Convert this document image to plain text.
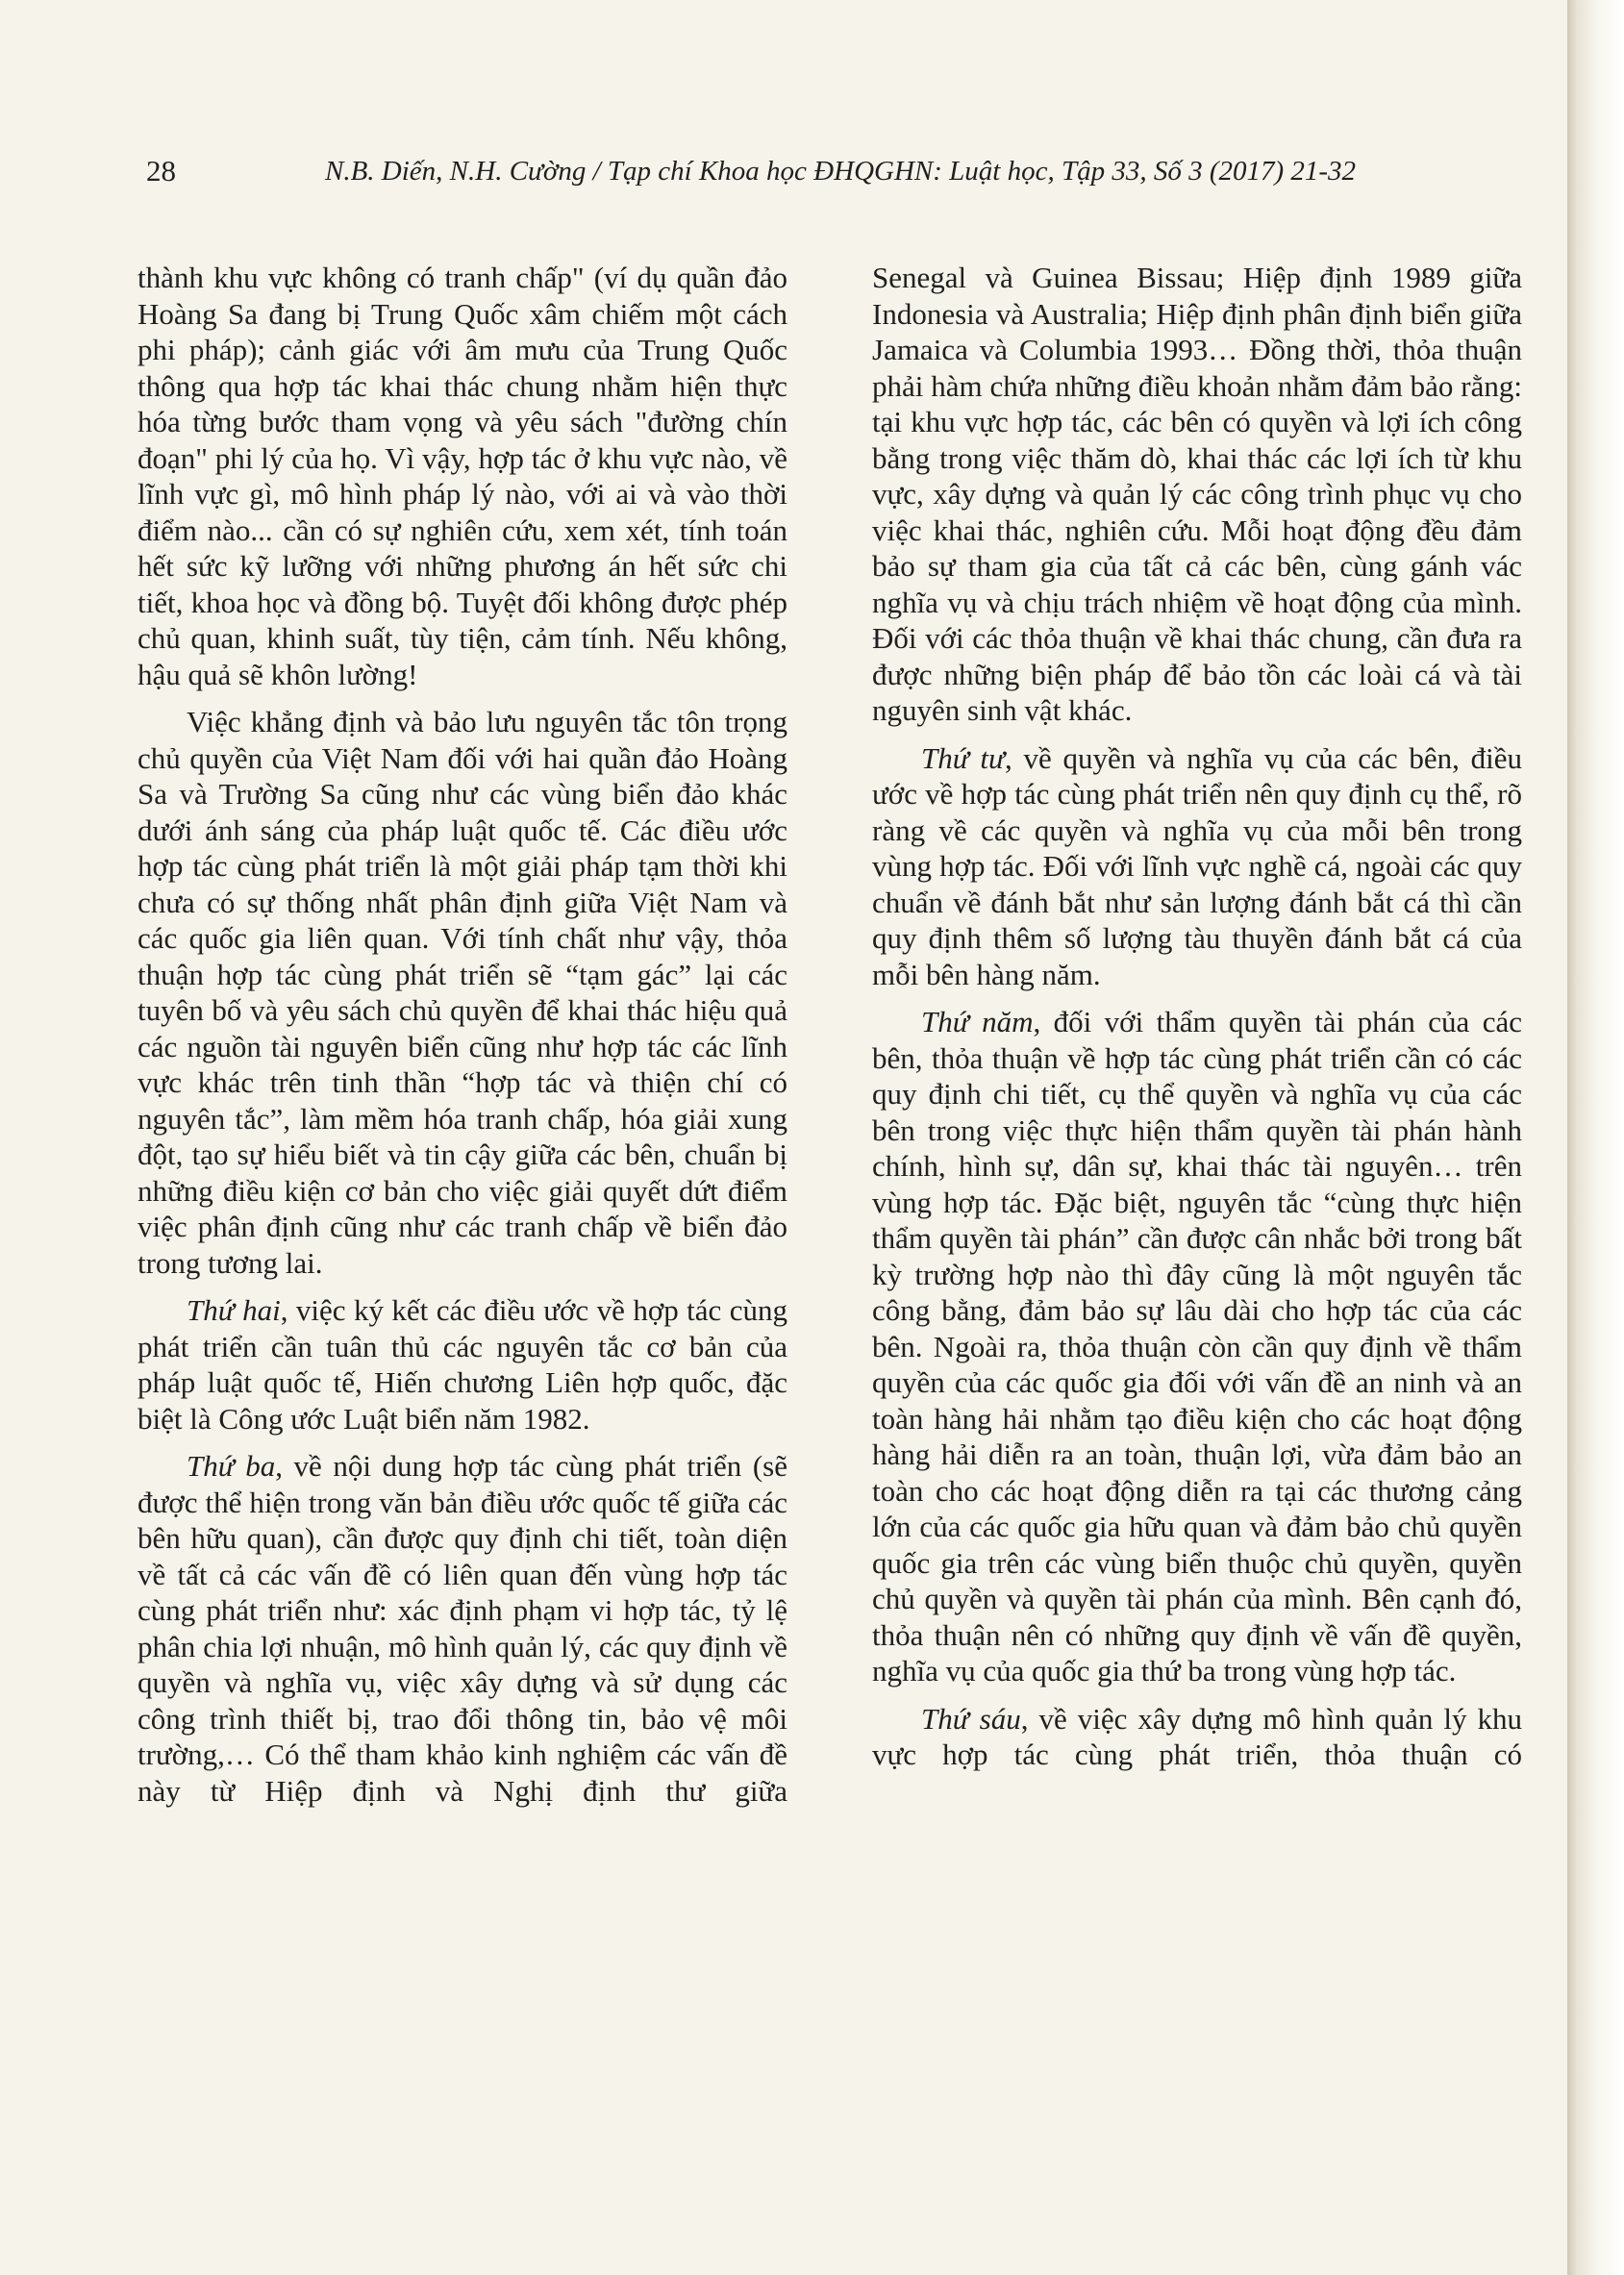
28	N.B. Diến, N.H. Cường / Tạp chí Khoa học ĐHQGHN: Luật học, Tập 33, Số 3 (2017) 21-32

thành khu vực không có tranh chấp" (ví dụ quần đảo Hoàng Sa đang bị Trung Quốc xâm chiếm một cách phi pháp); cảnh giác với âm mưu của Trung Quốc thông qua hợp tác khai thác chung nhằm hiện thực hóa từng bước tham vọng và yêu sách "đường chín đoạn" phi lý của họ. Vì vậy, hợp tác ở khu vực nào, về lĩnh vực gì, mô hình pháp lý nào, với ai và vào thời điểm nào... cần có sự nghiên cứu, xem xét, tính toán hết sức kỹ lưỡng với những phương án hết sức chi tiết, khoa học và đồng bộ. Tuyệt đối không được phép chủ quan, khinh suất, tùy tiện, cảm tính. Nếu không, hậu quả sẽ khôn lường!

Việc khẳng định và bảo lưu nguyên tắc tôn trọng chủ quyền của Việt Nam đối với hai quần đảo Hoàng Sa và Trường Sa cũng như các vùng biển đảo khác dưới ánh sáng của pháp luật quốc tế. Các điều ước hợp tác cùng phát triển là một giải pháp tạm thời khi chưa có sự thống nhất phân định giữa Việt Nam và các quốc gia liên quan. Với tính chất như vậy, thỏa thuận hợp tác cùng phát triển sẽ “tạm gác” lại các tuyên bố và yêu sách chủ quyền để khai thác hiệu quả các nguồn tài nguyên biển cũng như hợp tác các lĩnh vực khác trên tinh thần “hợp tác và thiện chí có nguyên tắc”, làm mềm hóa tranh chấp, hóa giải xung đột, tạo sự hiểu biết và tin cậy giữa các bên, chuẩn bị những điều kiện cơ bản cho việc giải quyết dứt điểm việc phân định cũng như các tranh chấp về biển đảo trong tương lai.

Thứ hai, việc ký kết các điều ước về hợp tác cùng phát triển cần tuân thủ các nguyên tắc cơ bản của pháp luật quốc tế, Hiến chương Liên hợp quốc, đặc biệt là Công ước Luật biển năm 1982.

Thứ ba, về nội dung hợp tác cùng phát triển (sẽ được thể hiện trong văn bản điều ước quốc tế giữa các bên hữu quan), cần được quy định chi tiết, toàn diện về tất cả các vấn đề có liên quan đến vùng hợp tác cùng phát triển như: xác định phạm vi hợp tác, tỷ lệ phân chia lợi nhuận, mô hình quản lý, các quy định về quyền và nghĩa vụ, việc xây dựng và sử dụng các công trình thiết bị, trao đổi thông tin, bảo vệ môi trường,… Có thể tham khảo kinh nghiệm các vấn đề này từ Hiệp định và Nghị định thư giữa

Senegal và Guinea Bissau; Hiệp định 1989 giữa Indonesia và Australia; Hiệp định phân định biển giữa Jamaica và Columbia 1993… Đồng thời, thỏa thuận phải hàm chứa những điều khoản nhằm đảm bảo rằng: tại khu vực hợp tác, các bên có quyền và lợi ích công bằng trong việc thăm dò, khai thác các lợi ích từ khu vực, xây dựng và quản lý các công trình phục vụ cho việc khai thác, nghiên cứu. Mỗi hoạt động đều đảm bảo sự tham gia của tất cả các bên, cùng gánh vác nghĩa vụ và chịu trách nhiệm về hoạt động của mình. Đối với các thỏa thuận về khai thác chung, cần đưa ra được những biện pháp để bảo tồn các loài cá và tài nguyên sinh vật khác.

Thứ tư, về quyền và nghĩa vụ của các bên, điều ước về hợp tác cùng phát triển nên quy định cụ thể, rõ ràng về các quyền và nghĩa vụ của mỗi bên trong vùng hợp tác. Đối với lĩnh vực nghề cá, ngoài các quy chuẩn về đánh bắt như sản lượng đánh bắt cá thì cần quy định thêm số lượng tàu thuyền đánh bắt cá của mỗi bên hàng năm.

Thứ năm, đối với thẩm quyền tài phán của các bên, thỏa thuận về hợp tác cùng phát triển cần có các quy định chi tiết, cụ thể quyền và nghĩa vụ của các bên trong việc thực hiện thẩm quyền tài phán hành chính, hình sự, dân sự, khai thác tài nguyên… trên vùng hợp tác. Đặc biệt, nguyên tắc “cùng thực hiện thẩm quyền tài phán” cần được cân nhắc bởi trong bất kỳ trường hợp nào thì đây cũng là một nguyên tắc công bằng, đảm bảo sự lâu dài cho hợp tác của các bên. Ngoài ra, thỏa thuận còn cần quy định về thẩm quyền của các quốc gia đối với vấn đề an ninh và an toàn hàng hải nhằm tạo điều kiện cho các hoạt động hàng hải diễn ra an toàn, thuận lợi, vừa đảm bảo an toàn cho các hoạt động diễn ra tại các thương cảng lớn của các quốc gia hữu quan và đảm bảo chủ quyền quốc gia trên các vùng biển thuộc chủ quyền, quyền chủ quyền và quyền tài phán của mình. Bên cạnh đó, thỏa thuận nên có những quy định về vấn đề quyền, nghĩa vụ của quốc gia thứ ba trong vùng hợp tác.

Thứ sáu, về việc xây dựng mô hình quản lý khu vực hợp tác cùng phát triển, thỏa thuận có
